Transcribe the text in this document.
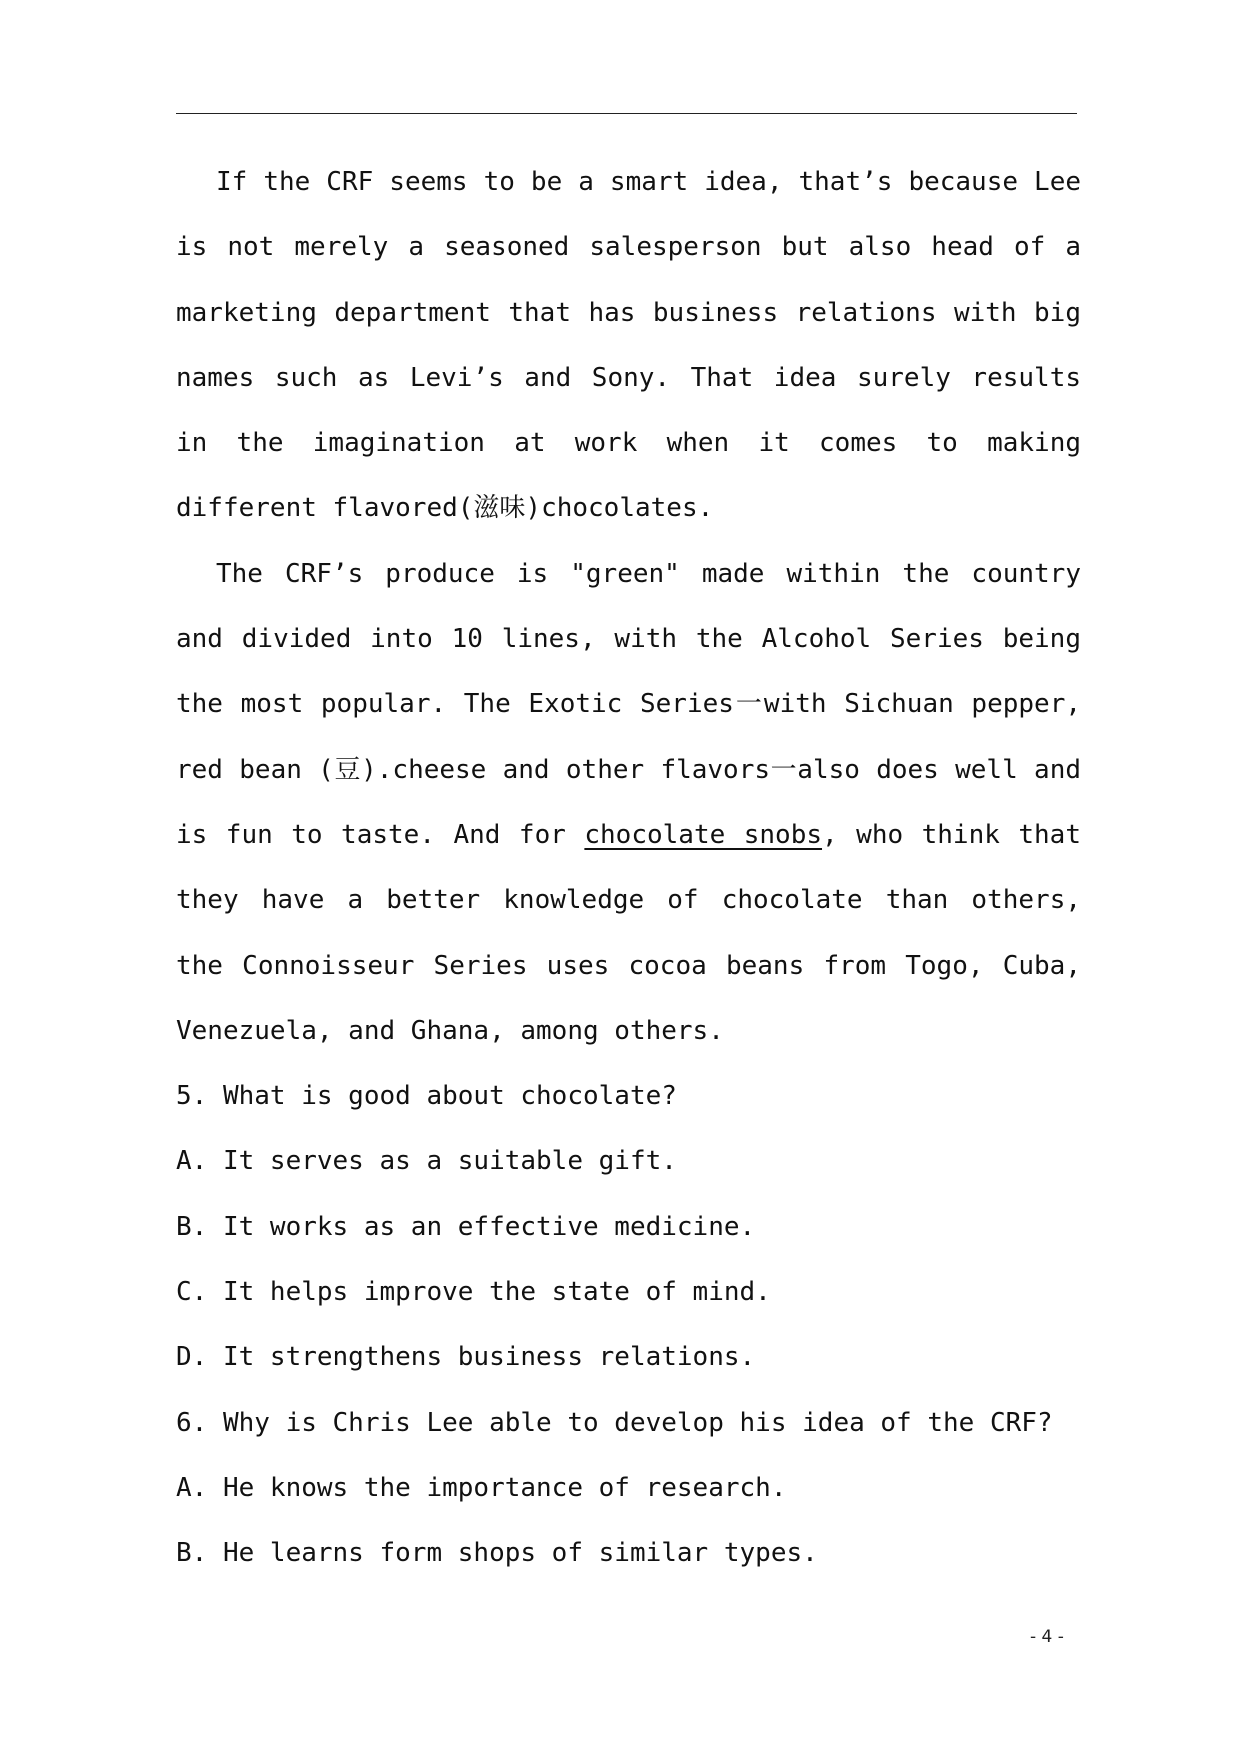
If the CRF seems to be a smart idea, that’s because Lee is not merely a seasoned salesperson but also head of a marketing department that has business relations with big names such as Levi’s and Sony. That idea surely results in the imagination at work when it comes to making different flavored(滋味)chocolates.

The CRF’s produce is "green" made within the country and divided into 10 lines, with the Alcohol Series being the most popular. The Exotic Series一with Sichuan pepper, red bean (豆).cheese and other flavors一also does well and is fun to taste. And for chocolate snobs, who think that they have a better knowledge of chocolate than others, the Connoisseur Series uses cocoa beans from Togo, Cuba, Venezuela, and Ghana, among others.

5. What is good about chocolate?

A. It serves as a suitable gift.

B. It works as an effective medicine.

C. It helps improve the state of mind.

D. It strengthens business relations.

6. Why is Chris Lee able to develop his idea of the CRF?

A. He knows the importance of research.

B. He learns form shops of similar types.

- 4 -
